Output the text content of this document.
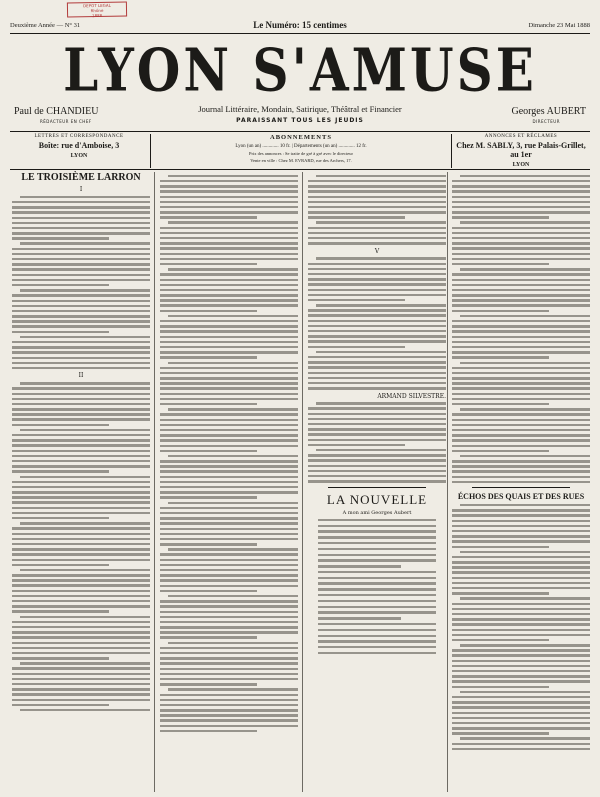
DEPOT LEGAL
Rhône
1888
Deuxième Année — N° 31	Le Numéro: 15 centimes	Dimanche 23 Mai 1888
LYON S'AMUSE
Paul de CHANDIEU
RÉDACTEUR EN CHEF
Journal Littéraire, Mondain, Satirique, Théâtral et Financier
PARAISSANT TOUS LES JEUDIS
Georges AUBERT
DIRECTEUR
LETTRES ET CORRESPONDANCE
Boîte: rue d'Amboise, 3
LYON
ABONNEMENTS
Lyon (un an) ............. 10 fr. | Départements (un an) ............. 12 fr.
Prix des annonces : Se traite de gré à gré avec le directeur
Vente en ville : Chez M. EVRARD, rue des Archers, 17.
ANNONCES ET RÉCLAMES
Chez M. SABLY, 3, rue Palais-Grillet, au 1er
LYON
LE TROISIÈME LARRON
I
II
V
ARMAND SILVESTRE.
LA NOUVELLE
A mon ami Georges Aubert
ÉCHOS DES QUAIS ET DES RUES
